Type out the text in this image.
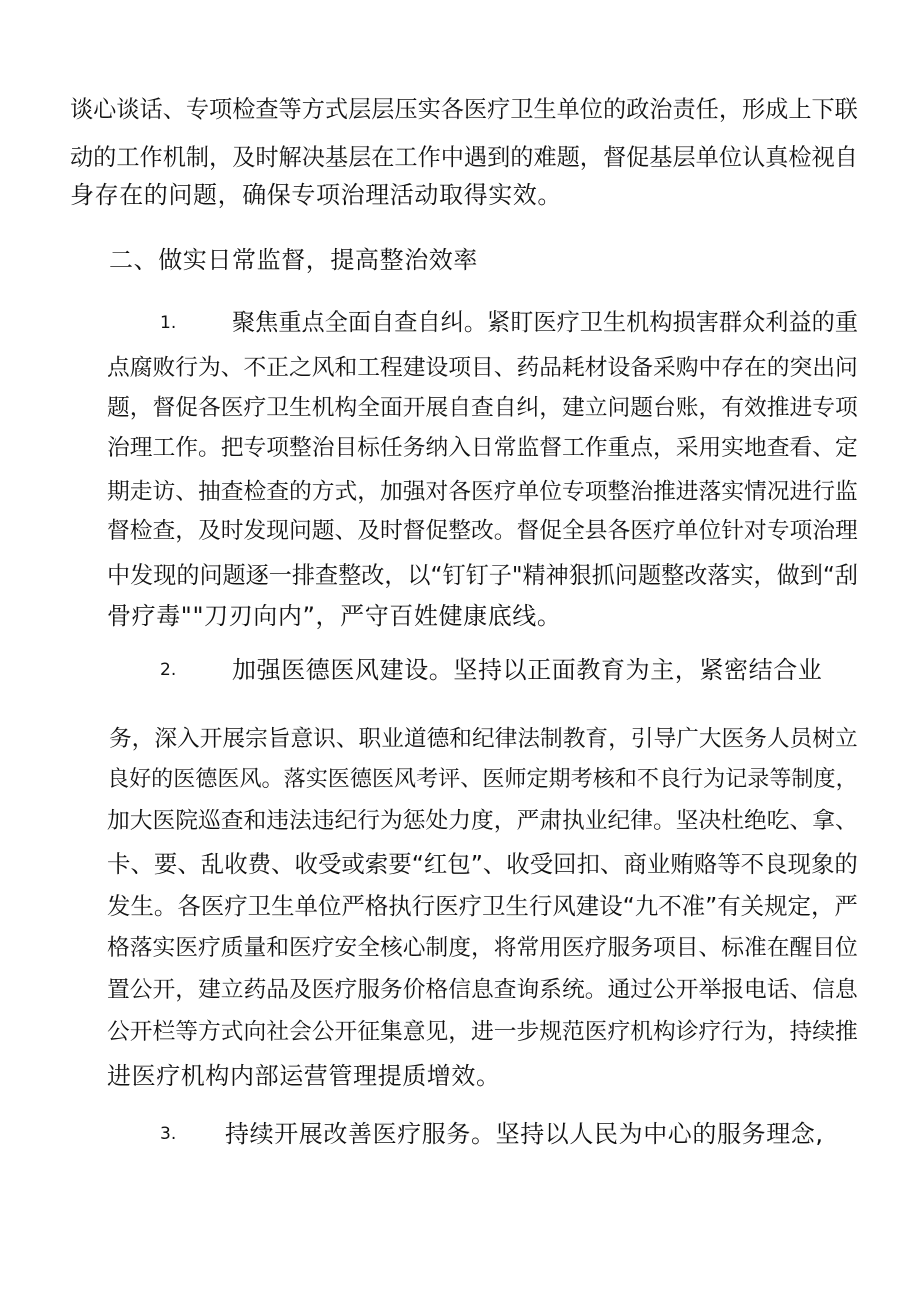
谈心谈话、专项检查等方式层层压实各医疗卫生单位的政治责任，形成上下联
动的工作机制，及时解决基层在工作中遇到的难题，督促基层单位认真检视自
身存在的问题，确保专项治理活动取得实效。
二、做实日常监督，提高整治效率
1. 聚焦重点全面自查自纠。紧盯医疗卫生机构损害群众利益的重
点腐败行为、不正之风和工程建设项目、药品耗材设备采购中存在的突出问
题，督促各医疗卫生机构全面开展自查自纠，建立问题台账，有效推进专项
治理工作。把专项整治目标任务纳入日常监督工作重点，采用实地查看、定
期走访、抽查检查的方式，加强对各医疗单位专项整治推进落实情况进行监
督检查，及时发现问题、及时督促整改。督促全县各医疗单位针对专项治理
中发现的问题逐一排查整改，以“钉钉子"精神狠抓问题整改落实，做到“刮
骨疗毒""刀刃向内”，严守百姓健康底线。
2. 加强医德医风建设。坚持以正面教育为主，紧密结合业
务，深入开展宗旨意识、职业道德和纪律法制教育，引导广大医务人员树立
良好的医德医风。落实医德医风考评、医师定期考核和不良行为记录等制度，
加大医院巡查和违法违纪行为惩处力度，严肃执业纪律。坚决杜绝吃、拿、
卡、要、乱收费、收受或索要“红包”、收受回扣、商业贿赂等不良现象的
发生。各医疗卫生单位严格执行医疗卫生行风建设“九不准”有关规定，严
格落实医疗质量和医疗安全核心制度，将常用医疗服务项目、标准在醒目位
置公开，建立药品及医疗服务价格信息查询系统。通过公开举报电话、信息
公开栏等方式向社会公开征集意见，进一步规范医疗机构诊疗行为，持续推
进医疗机构内部运营管理提质增效。
3. 持续开展改善医疗服务。坚持以人民为中心的服务理念,
